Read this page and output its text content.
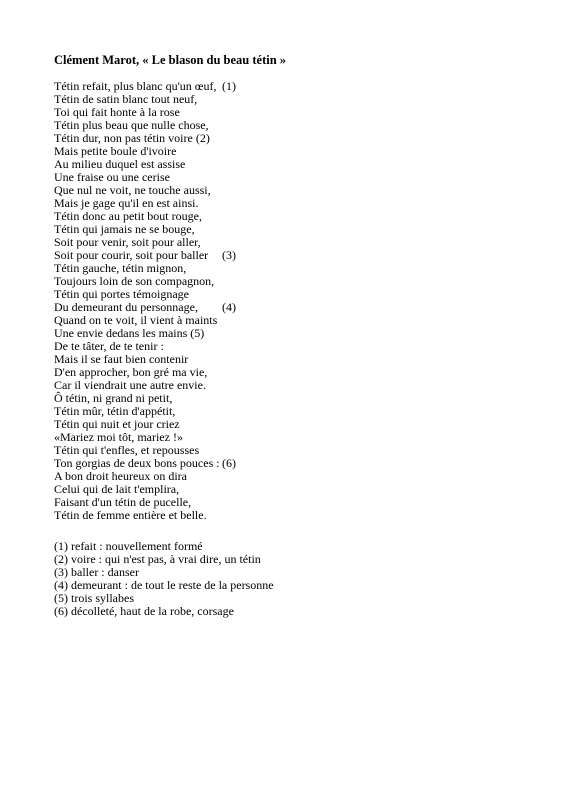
Clément Marot, « Le blason du beau tétin »
Tétin refait, plus blanc qu'un œuf, (1)
Tétin de satin blanc tout neuf,
Toi qui fait honte à la rose
Tétin plus beau que nulle chose,
Tétin dur, non pas tétin voire (2)
Mais petite boule d'ivoire
Au milieu duquel est assise
Une fraise ou une cerise
Que nul ne voit, ne touche aussi,
Mais je gage qu'il en est ainsi.
Tétin donc au petit bout rouge,
Tétin qui jamais ne se bouge,
Soit pour venir, soit pour aller,
Soit pour courir, soit pour baller (3)
Tétin gauche, tétin mignon,
Toujours loin de son compagnon,
Tétin qui portes témoignage
Du demeurant du personnage, (4)
Quand on te voit, il vient à maints
Une envie dedans les mains (5)
De te tâter, de te tenir :
Mais il se faut bien contenir
D'en approcher, bon gré ma vie,
Car il viendrait une autre envie.
Ô tétin, ni grand ni petit,
Tétin mûr, tétin d'appétit,
Tétin qui nuit et jour criez
«Mariez moi tôt, mariez !»
Tétin qui t'enfles, et repousses
Ton gorgias de deux bons pouces : (6)
A bon droit heureux on dira
Celui qui de lait t'emplira,
Faisant d'un tétin de pucelle,
Tétin de femme entière et belle.
(1) refait : nouvellement formé
(2) voire : qui n'est pas, à vrai dire, un tétin
(3) baller : danser
(4) demeurant : de tout le reste de la personne
(5) trois syllabes
(6) décolleté, haut de la robe, corsage
